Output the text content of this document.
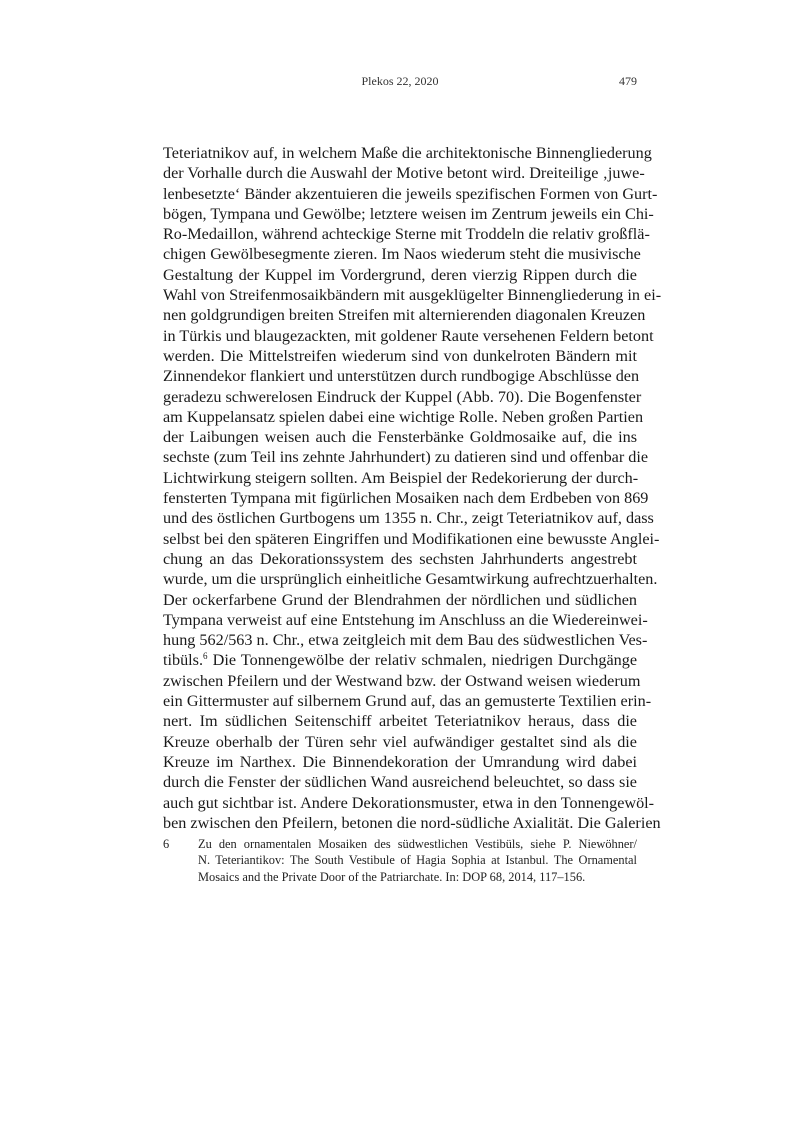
Plekos 22, 2020	479
Teteriatnikov auf, in welchem Maße die architektonische Binnengliederung
der Vorhalle durch die Auswahl der Motive betont wird. Dreiteilige ‚juwe-
lenbesetzte‘ Bänder akzentuieren die jeweils spezifischen Formen von Gurt-
bögen, Tympana und Gewölbe; letztere weisen im Zentrum jeweils ein Chi-
Ro-Medaillon, während achteckige Sterne mit Troddeln die relativ großflä-
chigen Gewölbesegmente zieren. Im Naos wiederum steht die musivische
Gestaltung der Kuppel im Vordergrund, deren vierzig Rippen durch die
Wahl von Streifenmosaikbändern mit ausgeklügelter Binnengliederung in ei-
nen goldgrundigen breiten Streifen mit alternierenden diagonalen Kreuzen
in Türkis und blaugezackten, mit goldener Raute versehenen Feldern betont
werden. Die Mittelstreifen wiederum sind von dunkelroten Bändern mit
Zinnendekor flankiert und unterstützen durch rundbogige Abschlüsse den
geradezu schwerelosen Eindruck der Kuppel (Abb. 70). Die Bogenfenster
am Kuppelansatz spielen dabei eine wichtige Rolle. Neben großen Partien
der Laibungen weisen auch die Fensterbänke Goldmosaike auf, die ins
sechste (zum Teil ins zehnte Jahrhundert) zu datieren sind und offenbar die
Lichtwirkung steigern sollten. Am Beispiel der Redekorierung der durch-
fensterten Tympana mit figürlichen Mosaiken nach dem Erdbeben von 869
und des östlichen Gurtbogens um 1355 n. Chr., zeigt Teteriatnikov auf, dass
selbst bei den späteren Eingriffen und Modifikationen eine bewusste Anglei-
chung an das Dekorationssystem des sechsten Jahrhunderts angestrebt
wurde, um die ursprünglich einheitliche Gesamtwirkung aufrechtzuerhalten.
Der ockerfarbene Grund der Blendrahmen der nördlichen und südlichen
Tympana verweist auf eine Entstehung im Anschluss an die Wiedereinwei-
hung 562/563 n. Chr., etwa zeitgleich mit dem Bau des südwestlichen Ves-
tibüls.$^6$ Die Tonnengewölbe der relativ schmalen, niedrigen Durchgänge
zwischen Pfeilern und der Westwand bzw. der Ostwand weisen wiederum
ein Gittermuster auf silbernem Grund auf, das an gemusterte Textilien erin-
nert. Im südlichen Seitenschiff arbeitet Teteriatnikov heraus, dass die
Kreuze oberhalb der Türen sehr viel aufwändiger gestaltet sind als die
Kreuze im Narthex. Die Binnendekoration der Umrandung wird dabei
durch die Fenster der südlichen Wand ausreichend beleuchtet, so dass sie
auch gut sichtbar ist. Andere Dekorationsmuster, etwa in den Tonnengewöl-
ben zwischen den Pfeilern, betonen die nord-südliche Axialität. Die Galerien
6 Zu den ornamentalen Mosaiken des südwestlichen Vestibüls, siehe P. Niewöhner/
N. Teteriantikov: The South Vestibule of Hagia Sophia at Istanbul. The Ornamental
Mosaics and the Private Door of the Patriarchate. In: DOP 68, 2014, 117–156.
